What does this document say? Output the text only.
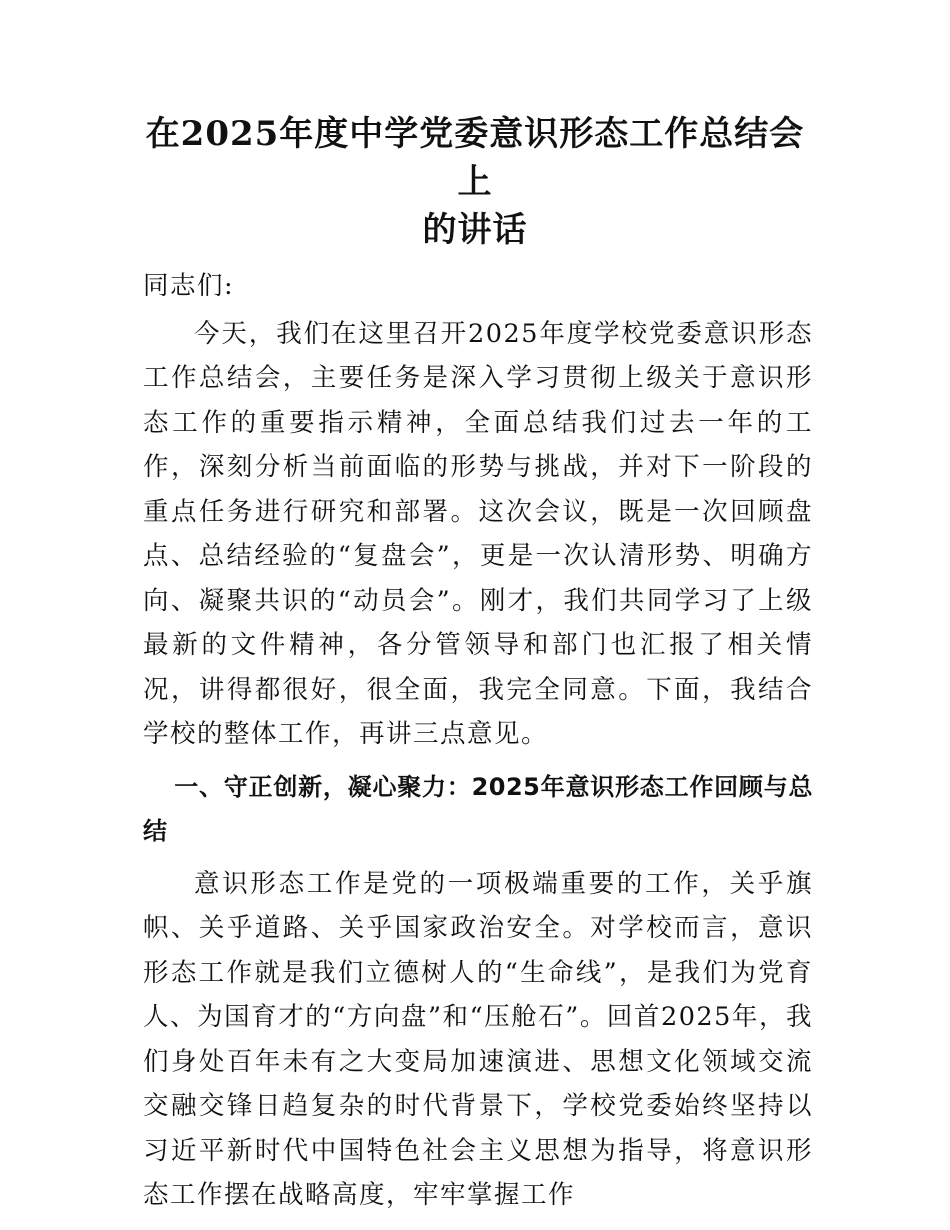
在2025年度中学党委意识形态工作总结会上
的讲话

同志们:

今天，我们在这里召开2025年度学校党委意识形态工作总结会，主要任务是深入学习贯彻上级关于意识形态工作的重要指示精神，全面总结我们过去一年的工作，深刻分析当前面临的形势与挑战，并对下一阶段的重点任务进行研究和部署。这次会议，既是一次回顾盘点、总结经验的“复盘会”，更是一次认清形势、明确方向、凝聚共识的“动员会”。刚才，我们共同学习了上级最新的文件精神，各分管领导和部门也汇报了相关情况，讲得都很好，很全面，我完全同意。下面，我结合学校的整体工作，再讲三点意见。

一、守正创新，凝心聚力：2025年意识形态工作回顾与总结

意识形态工作是党的一项极端重要的工作，关乎旗帜、关乎道路、关乎国家政治安全。对学校而言，意识形态工作就是我们立德树人的“生命线”，是我们为党育人、为国育才的“方向盘”和“压舱石”。回首2025年，我们身处百年未有之大变局加速演进、思想文化领域交流交融交锋日趋复杂的时代背景下，学校党委始终坚持以习近平新时代中国特色社会主义思想为指导，将意识形态工作摆在战略高度，牢牢掌握工作
